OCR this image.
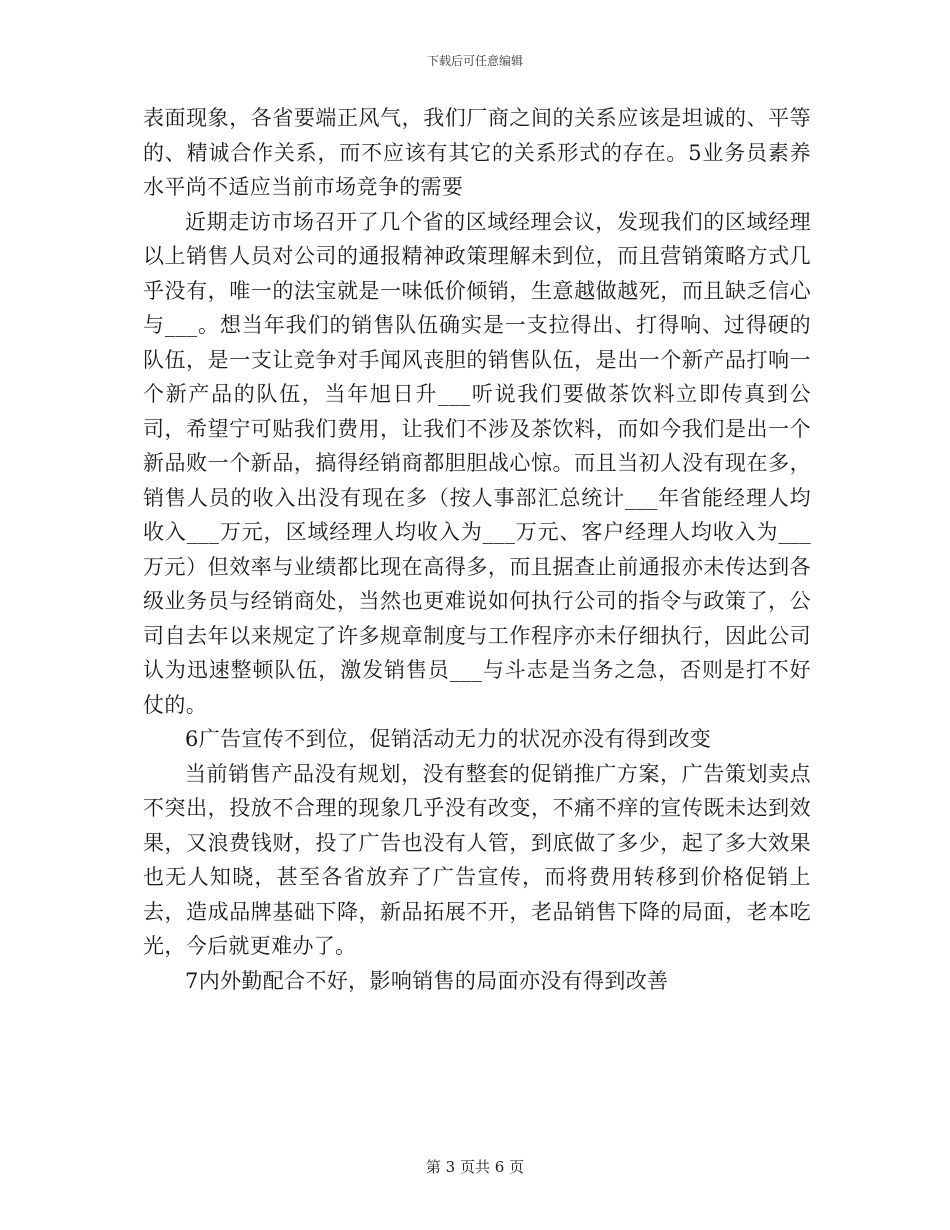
下载后可任意编辑

表面现象，各省要端正风气，我们厂商之间的关系应该是坦诚的、平等的、精诚合作关系，而不应该有其它的关系形式的存在。5业务员素养水平尚不适应当前市场竞争的需要

近期走访市场召开了几个省的区域经理会议，发现我们的区域经理以上销售人员对公司的通报精神政策理解未到位，而且营销策略方式几乎没有，唯一的法宝就是一味低价倾销，生意越做越死，而且缺乏信心与___。想当年我们的销售队伍确实是一支拉得出、打得响、过得硬的队伍，是一支让竞争对手闻风丧胆的销售队伍，是出一个新产品打响一个新产品的队伍，当年旭日升___听说我们要做茶饮料立即传真到公司，希望宁可贴我们费用，让我们不涉及茶饮料，而如今我们是出一个新品败一个新品，搞得经销商都胆胆战心惊。而且当初人没有现在多，销售人员的收入出没有现在多（按人事部汇总统计___年省能经理人均收入___万元，区域经理人均收入为___万元、客户经理人均收入为___万元）但效率与业绩都比现在高得多，而且据查止前通报亦未传达到各级业务员与经销商处，当然也更难说如何执行公司的指令与政策了，公司自去年以来规定了许多规章制度与工作程序亦未仔细执行，因此公司认为迅速整顿队伍，激发销售员___与斗志是当务之急，否则是打不好仗的。

6广告宣传不到位，促销活动无力的状况亦没有得到改变

当前销售产品没有规划，没有整套的促销推广方案，广告策划卖点不突出，投放不合理的现象几乎没有改变，不痛不痒的宣传既未达到效果，又浪费钱财，投了广告也没有人管，到底做了多少，起了多大效果也无人知晓，甚至各省放弃了广告宣传，而将费用转移到价格促销上去，造成品牌基础下降，新品拓展不开，老品销售下降的局面，老本吃光，今后就更难办了。

7内外勤配合不好，影响销售的局面亦没有得到改善

第 3 页共 6 页
